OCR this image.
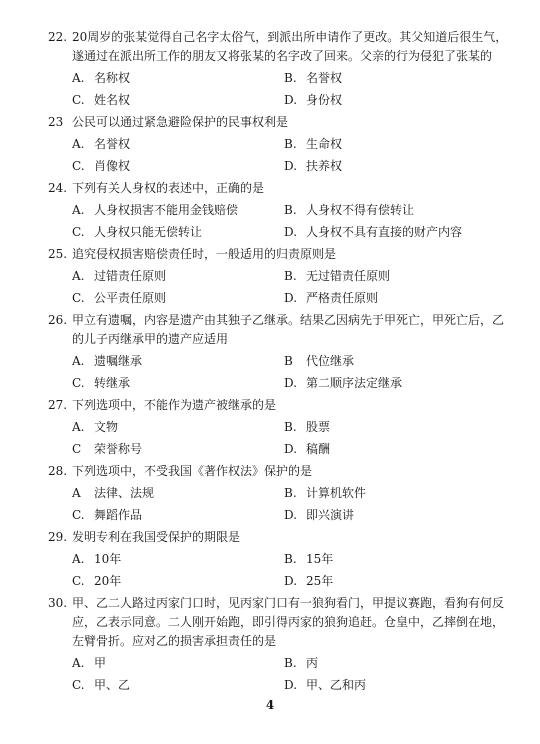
22. 20周岁的张某觉得自己名字太俗气，到派出所申请作了更改。其父知道后很生气，
遂通过在派出所工作的朋友又将张某的名字改了回来。父亲的行为侵犯了张某的
A. 名称权	B. 名誉权
C. 姓名权	D. 身份权
23 公民可以通过紧急避险保护的民事权利是
A. 名誉权	B. 生命权
C. 肖像权	D. 扶养权
24. 下列有关人身权的表述中，正确的是
A. 人身权损害不能用金钱赔偿	B. 人身权不得有偿转让
C. 人身权只能无偿转让	D. 人身权不具有直接的财产内容
25. 追究侵权损害赔偿责任时，一般适用的归责原则是
A. 过错责任原则	B. 无过错责任原则
C. 公平责任原则	D. 严格责任原则
26. 甲立有遗嘱，内容是遗产由其独子乙继承。结果乙因病先于甲死亡，甲死亡后，乙
的儿子丙继承甲的遗产应适用
A. 遗嘱继承	B 代位继承
C. 转继承	D. 第二顺序法定继承
27. 下列选项中，不能作为遗产被继承的是
A. 文物	B. 股票
C 荣誉称号	D. 稿酬
28. 下列选项中，不受我国《著作权法》保护的是
A 法律、法规	B. 计算机软件
C. 舞蹈作品	D. 即兴演讲
29. 发明专利在我国受保护的期限是
A. 10年	B. 15年
C. 20年	D. 25年
30. 甲、乙二人路过丙家门口时，见丙家门口有一狼狗看门，甲提议赛跑，看狗有何反
应，乙表示同意。二人刚开始跑，即引得丙家的狼狗追赶。仓皇中，乙摔倒在地，
左臂骨折。应对乙的损害承担责任的是
A. 甲	B. 丙
C. 甲、乙	D. 甲、乙和丙
4
